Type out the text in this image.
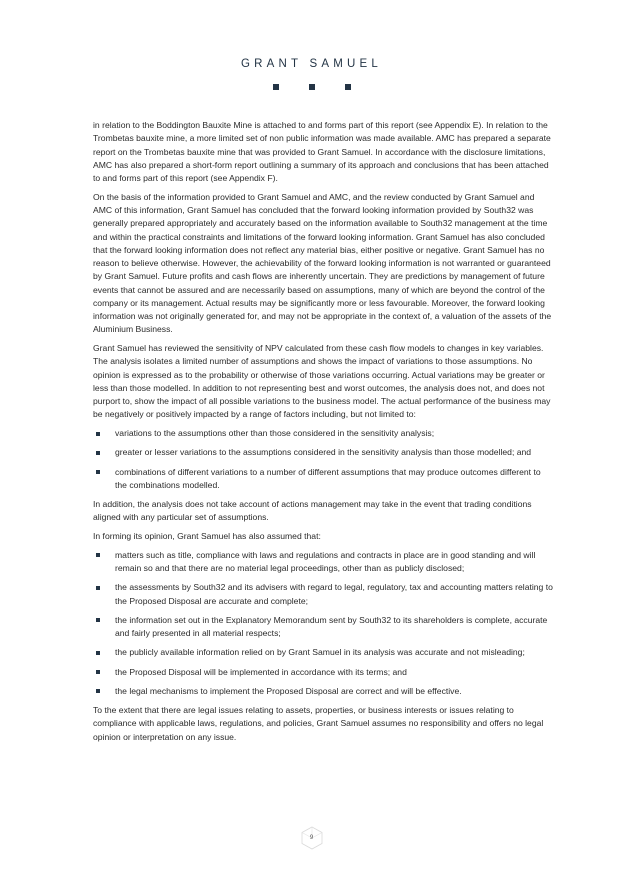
GRANT SAMUEL

in relation to the Boddington Bauxite Mine is attached to and forms part of this report (see Appendix E). In relation to the Trombetas bauxite mine, a more limited set of non public information was made available. AMC has prepared a separate report on the Trombetas bauxite mine that was provided to Grant Samuel. In accordance with the disclosure limitations, AMC has also prepared a short-form report outlining a summary of its approach and conclusions that has been attached to and forms part of this report (see Appendix F).

On the basis of the information provided to Grant Samuel and AMC, and the review conducted by Grant Samuel and AMC of this information, Grant Samuel has concluded that the forward looking information provided by South32 was generally prepared appropriately and accurately based on the information available to South32 management at the time and within the practical constraints and limitations of the forward looking information. Grant Samuel has also concluded that the forward looking information does not reflect any material bias, either positive or negative. Grant Samuel has no reason to believe otherwise. However, the achievability of the forward looking information is not warranted or guaranteed by Grant Samuel. Future profits and cash flows are inherently uncertain. They are predictions by management of future events that cannot be assured and are necessarily based on assumptions, many of which are beyond the control of the company or its management. Actual results may be significantly more or less favourable. Moreover, the forward looking information was not originally generated for, and may not be appropriate in the context of, a valuation of the assets of the Aluminium Business.

Grant Samuel has reviewed the sensitivity of NPV calculated from these cash flow models to changes in key variables. The analysis isolates a limited number of assumptions and shows the impact of variations to those assumptions. No opinion is expressed as to the probability or otherwise of those variations occurring. Actual variations may be greater or less than those modelled. In addition to not representing best and worst outcomes, the analysis does not, and does not purport to, show the impact of all possible variations to the business model. The actual performance of the business may be negatively or positively impacted by a range of factors including, but not limited to:

variations to the assumptions other than those considered in the sensitivity analysis;
greater or lesser variations to the assumptions considered in the sensitivity analysis than those modelled; and
combinations of different variations to a number of different assumptions that may produce outcomes different to the combinations modelled.

In addition, the analysis does not take account of actions management may take in the event that trading conditions aligned with any particular set of assumptions.

In forming its opinion, Grant Samuel has also assumed that:

matters such as title, compliance with laws and regulations and contracts in place are in good standing and will remain so and that there are no material legal proceedings, other than as publicly disclosed;
the assessments by South32 and its advisers with regard to legal, regulatory, tax and accounting matters relating to the Proposed Disposal are accurate and complete;
the information set out in the Explanatory Memorandum sent by South32 to its shareholders is complete, accurate and fairly presented in all material respects;
the publicly available information relied on by Grant Samuel in its analysis was accurate and not misleading;
the Proposed Disposal will be implemented in accordance with its terms; and
the legal mechanisms to implement the Proposed Disposal are correct and will be effective.

To the extent that there are legal issues relating to assets, properties, or business interests or issues relating to compliance with applicable laws, regulations, and policies, Grant Samuel assumes no responsibility and offers no legal opinion or interpretation on any issue.

9
